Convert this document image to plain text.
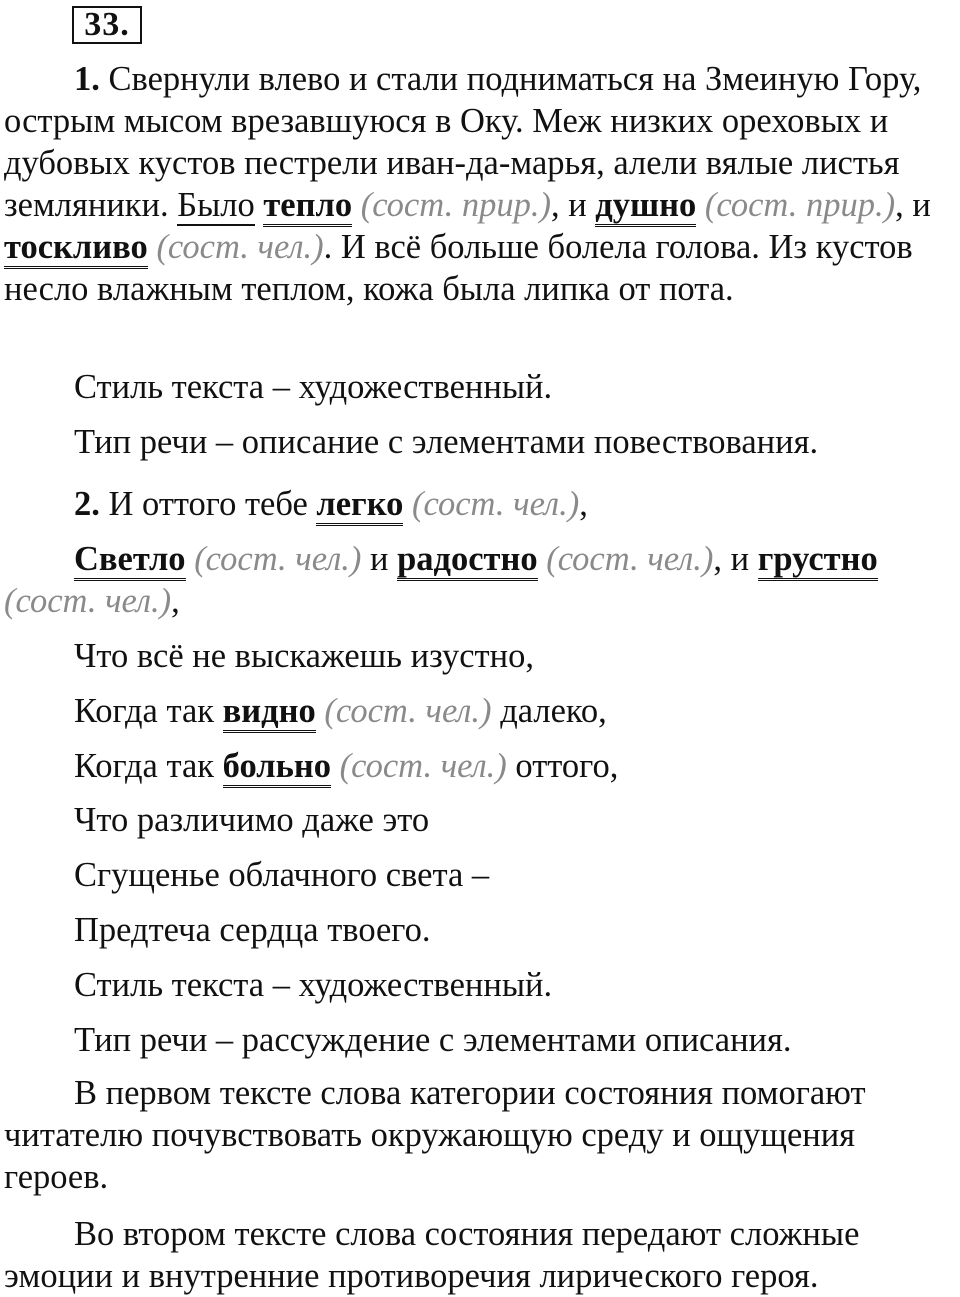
33.

1. Свернули влево и стали подниматься на Змеиную Гору, острым мысом врезавшуюся в Оку. Меж низких ореховых и дубовых кустов пестрели иван-да-марья, алели вялые листья земляники. Было тепло (сост. прир.), и душно (сост. прир.), и тоскливо (сост. чел.). И всё больше болела голова. Из кустов несло влажным теплом, кожа была липка от пота.

Стиль текста – художественный.
Тип речи – описание с элементами повествования.
2. И оттого тебе легко (сост. чел.),

Светло (сост. чел.) и радостно (сост. чел.), и грустно (сост. чел.),

Что всё не выскажешь изустно,
Когда так видно (сост. чел.) далеко,
Когда так больно (сост. чел.) оттого,
Что различимо даже это
Сгущенье облачного света –
Предтеча сердца твоего.
Стиль текста – художественный.
Тип речи – рассуждение с элементами описания.

В первом тексте слова категории состояния помогают читателю почувствовать окружающую среду и ощущения героев.

Во втором тексте слова состояния передают сложные эмоции и внутренние противоречия лирического героя.
